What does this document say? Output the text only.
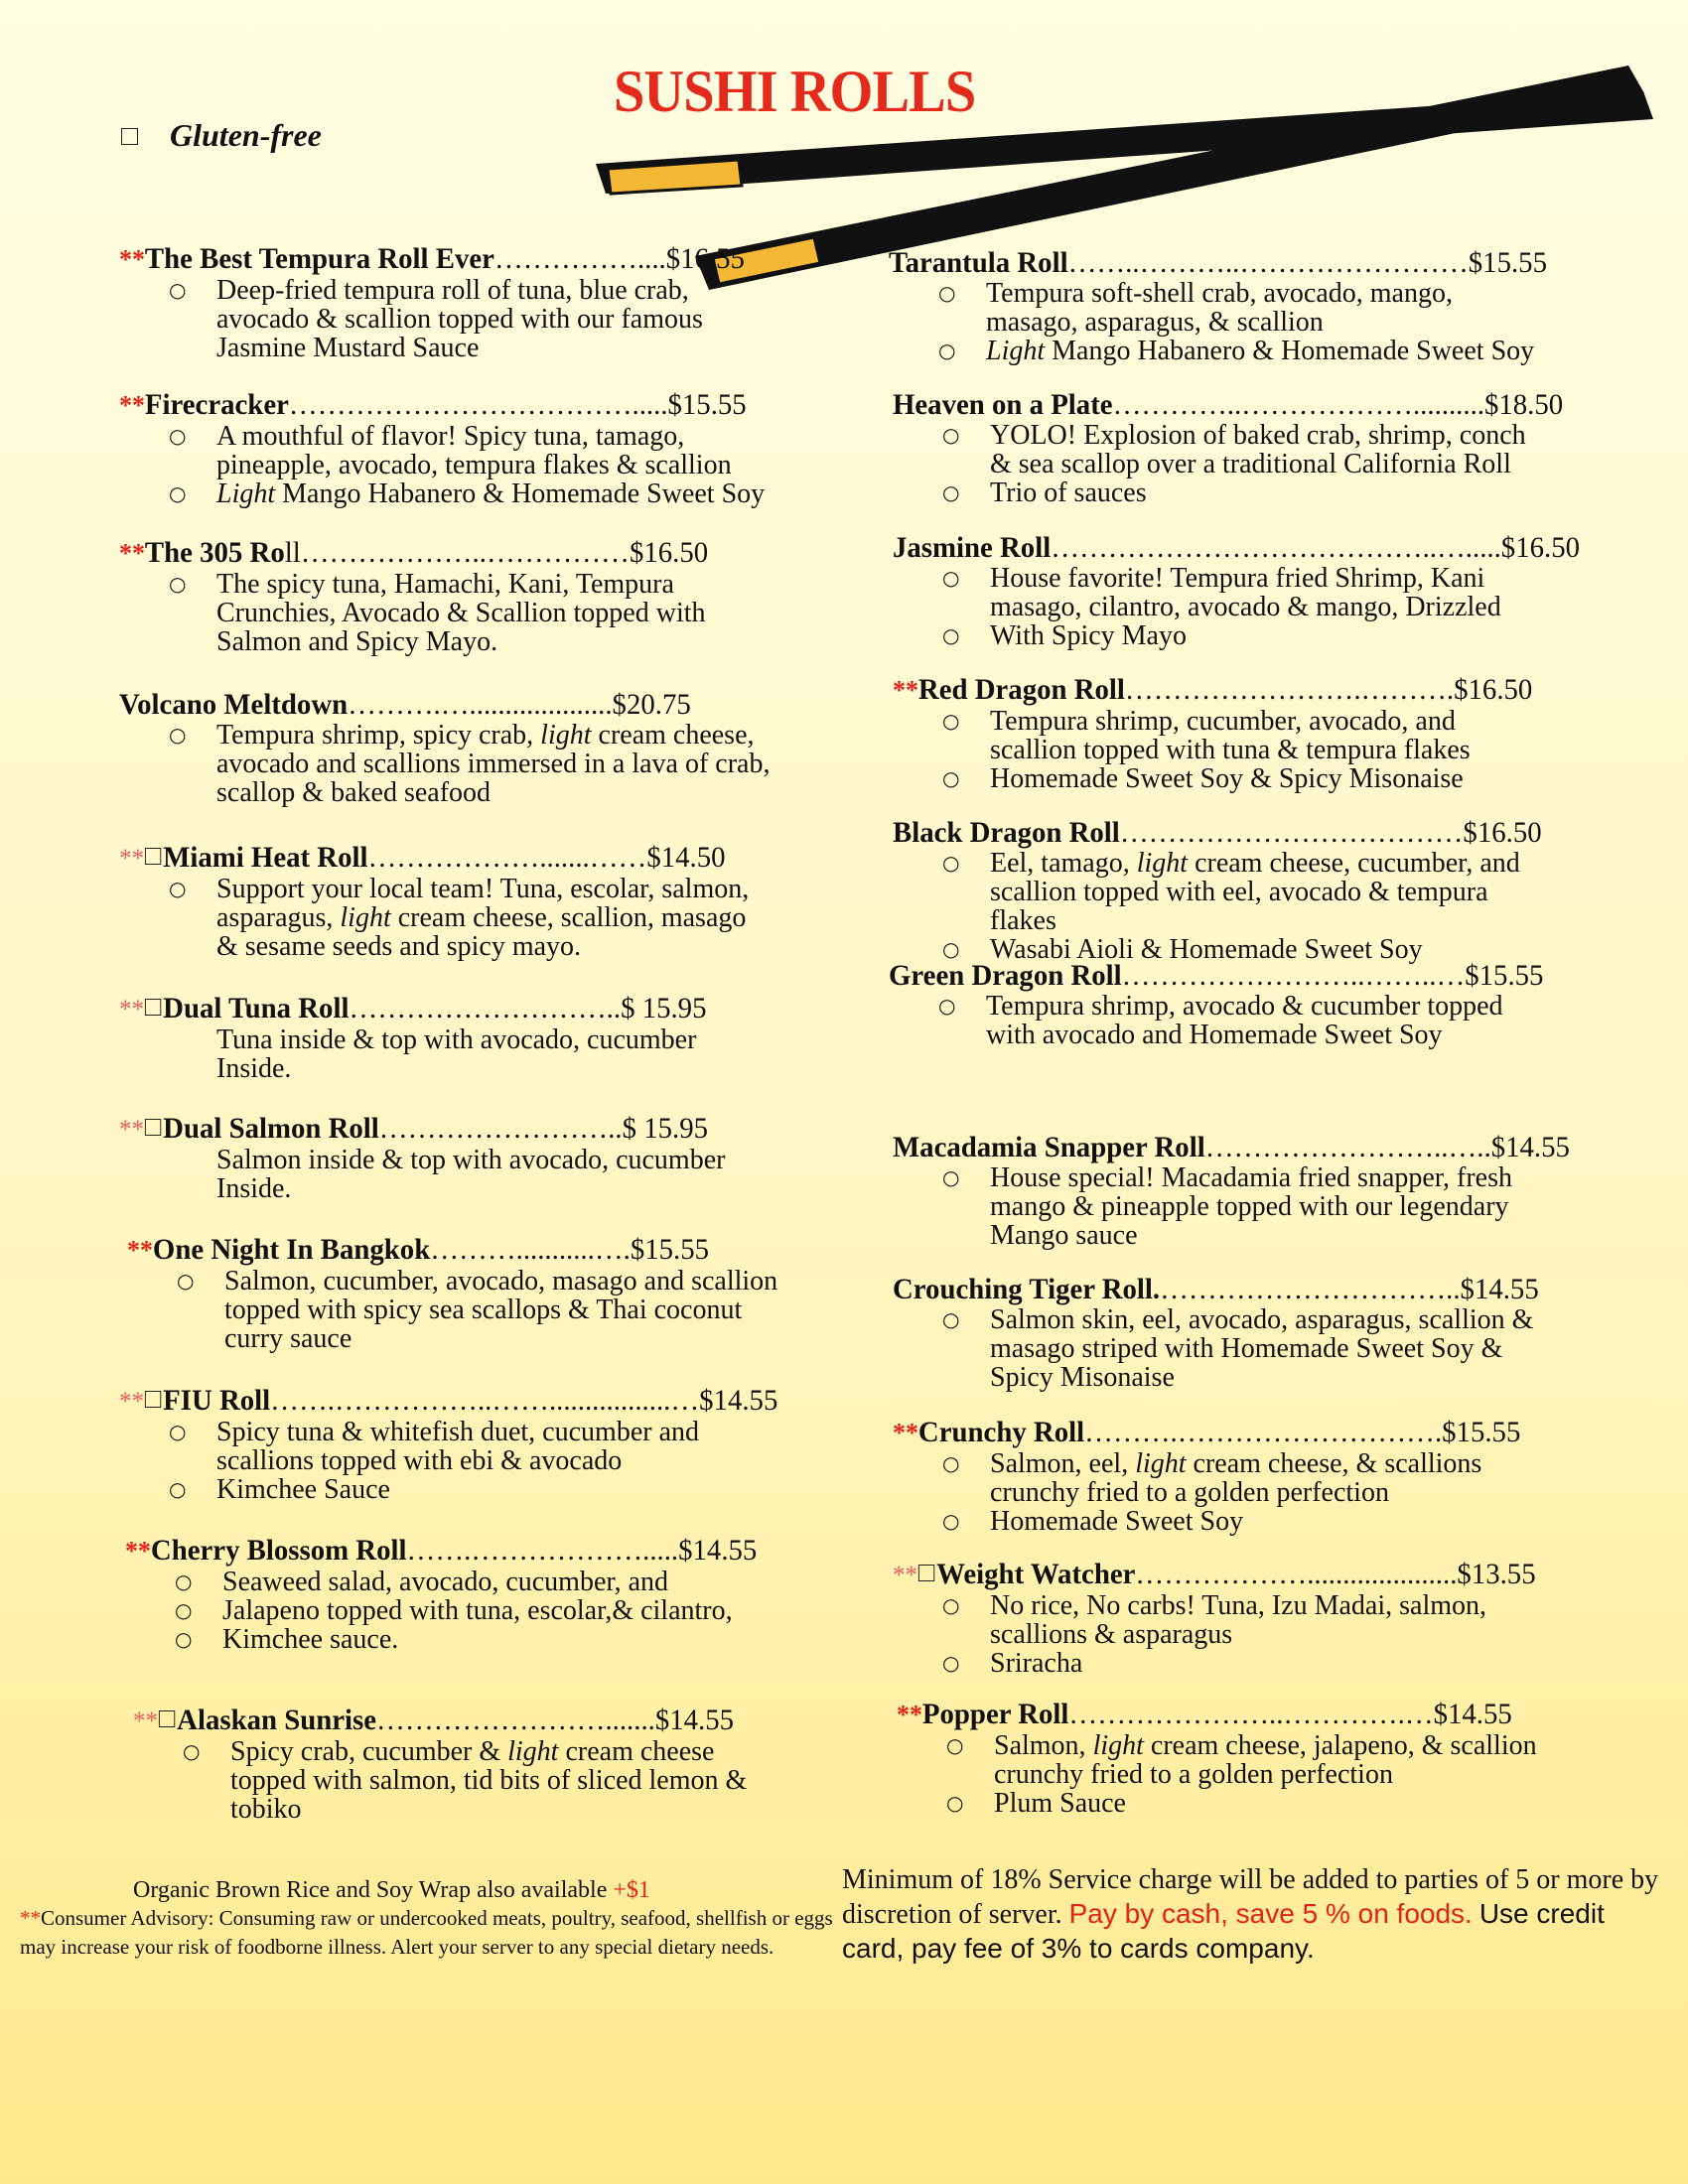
SUSHI ROLLS
Gluten-free
**The Best Tempura Roll Ever……………....$16.55
○ Deep-fried tempura roll of tuna, blue crab,
avocado & scallion topped with our famous
Jasmine Mustard Sauce
**Firecracker……………………………….....$15.55
○ A mouthful of flavor! Spicy tuna, tamago,
pineapple, avocado, tempura flakes & scallion
○ Light Mango Habanero & Homemade Sweet Soy
**The 305 Roll………………..……………$16.50
○ The spicy tuna, Hamachi, Kani, Tempura
Crunchies, Avocado & Scallion topped with
Salmon and Spicy Mayo.
Volcano Meltdown……….…....................$20.75
○ Tempura shrimp, spicy crab, light cream cheese,
avocado and scallions immersed in a lava of crab,
scallop & baked seafood
** Miami Heat Roll……………….......……$14.50
○ Support your local team! Tuna, escolar, salmon,
asparagus, light cream cheese, scallion, masago
& sesame seeds and spicy mayo.
** Dual Tuna Roll………………………..$ 15.95
Tuna inside & top with avocado, cucumber
Inside.
** Dual Salmon Roll……………………..$ 15.95
Salmon inside & top with avocado, cucumber
Inside.
**One Night In Bangkok………...........….$15.55
○ Salmon, cucumber, avocado, masago and scallion
topped with spicy sea scallops & Thai coconut
curry sauce
** FIU Roll…….……………..…….................…$14.55
○ Spicy tuna & whitefish duet, cucumber and
scallions topped with ebi & avocado
○ Kimchee Sauce
**Cherry Blossom Roll…….……………….....$14.55
○ Seaweed salad, avocado, cucumber, and
○ Jalapeno topped with tuna, escolar,& cilantro,
○ Kimchee sauce.
** Alaskan Sunrise…………………….......$14.55
○ Spicy crab, cucumber & light cream cheese
topped with salmon, tid bits of sliced lemon &
tobiko
Tarantula Roll……..………..……………………$15.55
○ Tempura soft-shell crab, avocado, mango,
masago, asparagus, & scallion
○ Light Mango Habanero & Homemade Sweet Soy
Heaven on a Plate…………..………………..........$18.50
○ YOLO! Explosion of baked crab, shrimp, conch
& sea scallop over a traditional California Roll
○ Trio of sauces
Jasmine Roll…………………………………..….....$16.50
○ House favorite! Tempura fried Shrimp, Kani
masago, cilantro, avocado & mango, Drizzled
○ With Spicy Mayo
**Red Dragon Roll…………………….……….$16.50
○ Tempura shrimp, cucumber, avocado, and
scallion topped with tuna & tempura flakes
○ Homemade Sweet Soy & Spicy Misonaise
Black Dragon Roll………………………………$16.50
○ Eel, tamago, light cream cheese, cucumber, and
scallion topped with eel, avocado & tempura
flakes
○ Wasabi Aioli & Homemade Sweet Soy
Green Dragon Roll……………………..……..…$15.55
○ Tempura shrimp, avocado & cucumber topped
with avocado and Homemade Sweet Soy
Macadamia Snapper Roll……………………..…..$14.55
○ House special! Macadamia fried snapper, fresh
mango & pineapple topped with our legendary
Mango sauce
Crouching Tiger Roll.…………………………..$14.55
○ Salmon skin, eel, avocado, asparagus, scallion &
masago striped with Homemade Sweet Soy &
Spicy Misonaise
**Crunchy Roll……….……………………….$15.55
○ Salmon, eel, light cream cheese, & scallions
crunchy fried to a golden perfection
○ Homemade Sweet Soy
** Weight Watcher……………….....................$13.55
○ No rice, No carbs! Tuna, Izu Madai, salmon,
scallions & asparagus
○ Sriracha
**Popper Roll…………………..………….…$14.55
○ Salmon, light cream cheese, jalapeno, & scallion
crunchy fried to a golden perfection
○ Plum Sauce
Organic Brown Rice and Soy Wrap also available +$1
**Consumer Advisory: Consuming raw or undercooked meats, poultry, seafood, shellfish or eggs may increase your risk of foodborne illness. Alert your server to any special dietary needs.
Minimum of 18% Service charge will be added to parties of 5 or more by discretion of server. Pay by cash, save 5 % on foods. Use credit card, pay fee of 3% to cards company.
